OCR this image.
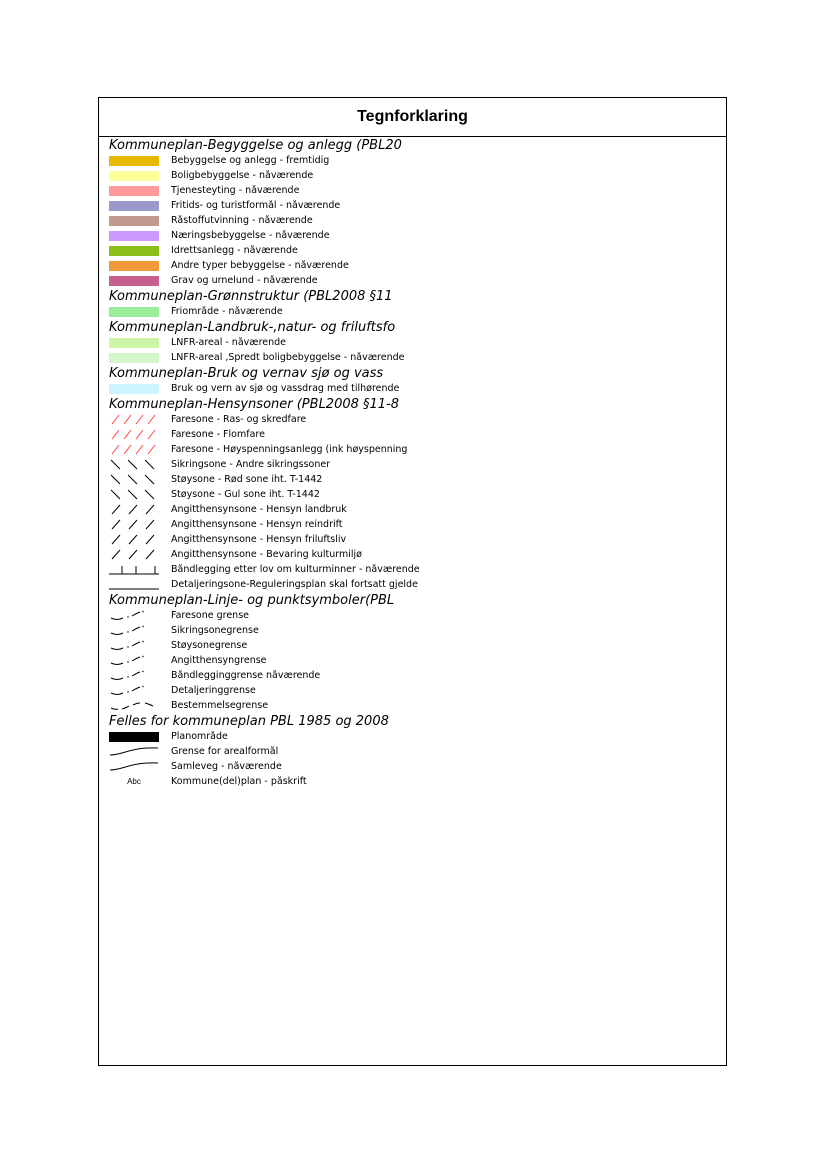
Tegnforklaring
Kommuneplan-Begyggelse og anlegg (PBL20
Bebyggelse og anlegg - fremtidig
Boligbebyggelse - nåværende
Tjenesteyting - nåværende
Fritids- og turistformål - nåværende
Råstoffutvinning - nåværende
Næringsbebyggelse - nåværende
Idrettsanlegg - nåværende
Andre typer bebyggelse - nåværende
Grav og urnelund - nåværende
Kommuneplan-Grønnstruktur (PBL2008 §11
Friområde - nåværende
Kommuneplan-Landbruk-,natur- og friluftsfo
LNFR-areal - nåværende
LNFR-areal ,Spredt boligbebyggelse - nåværende
Kommuneplan-Bruk og vernav sjø og vass
Bruk og vern av sjø og vassdrag med tilhørende
Kommuneplan-Hensynsoner (PBL2008 §11-8
Faresone - Ras- og skredfare
Faresone - Flomfare
Faresone - Høyspenningsanlegg (ink høyspenning
Sikringsone - Andre sikringssoner
Støysone - Rød sone iht. T-1442
Støysone - Gul sone iht. T-1442
Angitthensynsone - Hensyn landbruk
Angitthensynsone - Hensyn reindrift
Angitthensynsone - Hensyn friluftsliv
Angitthensynsone - Bevaring kulturmiljø
Båndlegging etter lov om kulturminner - nåværende
Detaljeringsone-Reguleringsplan skal fortsatt gjelde
Kommuneplan-Linje- og punktsymboler(PBL
Faresone grense
Sikringsonegrense
Støysonegrense
Angitthensyngrense
Båndlegginggrense nåværende
Detaljeringgrense
Bestemmelsegrense
Felles for kommuneplan PBL 1985 og 2008
Planområde
Grense for arealformål
Samleveg - nåværende
Abc	Kommune(del)plan - påskrift
